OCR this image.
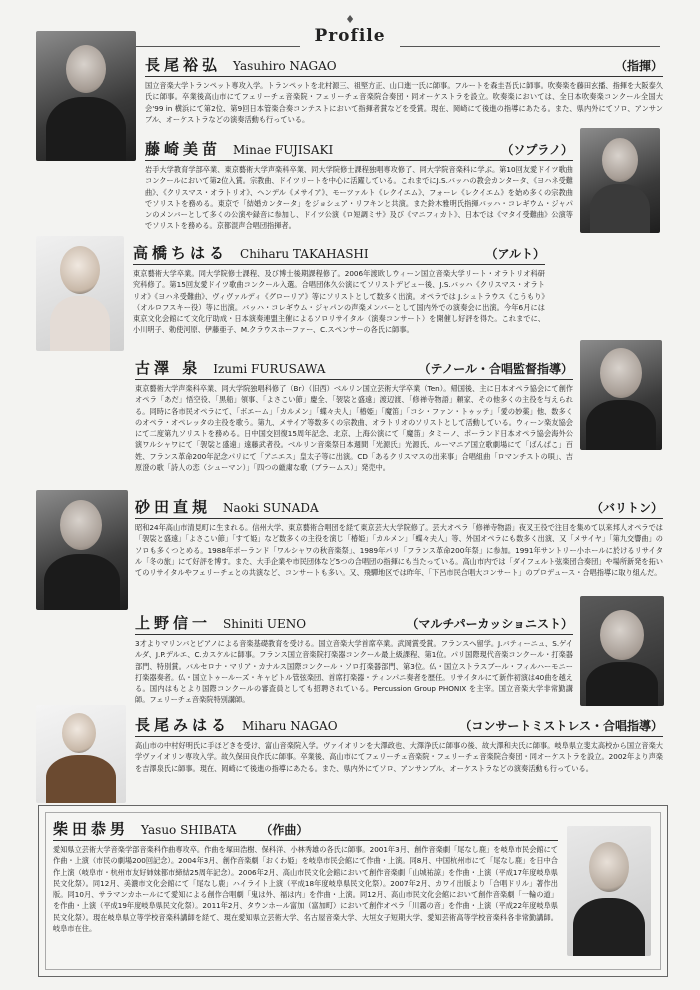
♦
Profile
長尾裕弘 Yasuhiro NAGAO	（指揮）
国立音楽大学トランペット専攻入学。トランペットを北村源三、祖堅方正、山口進一氏に師事。フルートを森圭吾氏に師事。吹奏楽を藤田玄播、指揮を大阪泰久氏に師事。卒業後高山市にてフェリーチェ音楽院・フェリーチェ音楽院合奏団・同オーケストラを設立。吹奏楽においては、全日本吹奏楽コンクール全国大会'99 in 横浜にて第2位、第9回日本管楽合奏コンテストにおいて指揮者賞などを受賞。現在、岡崎にて後進の指導にあたる。また、県内外にてソロ、アンサンブル、オーケストラなどの演奏活動も行っている。
藤崎美苗 Minae FUJISAKI	（ソプラノ）
岩手大学教育学部卒業、東京藝術大学声楽科卒業、同大学院修士課程独唱専攻修了、同大学院音楽科に学ぶ。第10回友愛ドイツ歌曲コンクールにおいて第2位入賞。宗教曲、ドイツリートを中心に活躍している。これまでにJ.S.バッハの教会カンタータ、《ヨハネ受難曲》、《クリスマス・オラトリオ》、ヘンデル《メサイア》、モーツァルト《レクイエム》、フォーレ《レクイエム》を始め多くの宗教曲でソリストを務める。東京で「結婚カンタータ」をジョシュア・リフキンと共演。また鈴木雅明氏指揮バッハ・コレギウム・ジャパンのメンバーとして多くの公演や録音に参加し、ドイツ公演《ロ短調ミサ》及び《マニフィカト》、日本では《マタイ受難曲》公演等でソリストを務める。京都混声合唱団指揮者。
高橋ちはる Chiharu TAKAHASHI	（アルト）
東京藝術大学卒業。同大学院修士課程、及び博士後期課程修了。2006年渡欧しウィーン国立音楽大学リート・オラトリオ科研究科修了。第15回友愛ドイツ歌曲コンクール入選。合唱団体久公演にてソリストデビュー後、J.S.バッハ《クリスマス・オラトリオ》《ヨハネ受難曲》、ヴィヴァルディ《グローリア》等にソリストとして数多く出演。オペラでは J.シュトラウス《こうもり》（オルロフスキー役）等に出演。バッハ・コレギウム・ジャパンの声楽メンバーとして国内外での演奏会に出演。今年6月には東京文化会館にて文化庁助成・日本演奏連盟主催によるソロリサイタル（演奏コンサート）を開催し好評を得た。これまでに、小川明子、勅使河原、伊藤亜子、M.クラウスホーファー、C.スペンサーの各氏に師事。
古澤 泉 Izumi FURUSAWA	（テノール・合唱監督指導）
東京藝術大学声楽科卒業、同大学院独唱科修了（Br）（旧西）ベルリン国立芸術大学卒業（Ten）。帰国後、主に日本オペラ協会にて創作オペラ「あだ」悟空役、「黒船」領事、「よさこい節」慶全、「袈裟と盛遠」渡辺渡、「修禅寺物語」頼家、その他多くの主役を与えられる。同時に各市民オペラにて、「ボエーム」「カルメン」「蝶々夫人」「椿姫」「魔笛」「コシ・ファン・トゥッテ」「愛の妙薬」他、数多くのオペラ・オペレッタの主役を歌う。第九、メサイア等数多くの宗教曲、オラトリオのソリストとして活動している。ウィーン楽友協会にて二度第九ソリストを務める。日中国交回復15周年記念、北京、上海公演にて「魔笛」タミーノ、ポーランド日本オペラ協会海外公演ワルシャワにて「袈裟と盛遠」遠藤武者役。ベルリン音楽祭日本週間「光源氏」光源氏、ルーマニア国立歌劇場にて「ばんぱこ」百姓、フランス革命200年記念パリにて「アニエス」皇太子等に出演。CD「あるクリスマスの出来事」合唱組曲「ロマンチストの唄」、吉原澄の歌「詩人の恋（シューマン）」「四つの厳粛な歌（ブラームス）」発売中。
砂田直規 Naoki SUNADA	（バリトン）
昭和24年高山市清見町に生まれる。信州大学、東京藝術合唱団を経て東京芸大大学院修了。芸大オペラ「修禅寺物語」夜叉王役で注目を集めて以来邦人オペラでは「袈裟と盛遠」「よさこい節」「すて姫」など数多くの主役を演じ「椿姫」「カルメン」「蝶々夫人」等、外国オペラにも数多く出演、又「メサイヤ」「第九交響曲」のソロも多くつとめる。1988年ポーランド「ワルシャワの秋音楽祭」、1989年パリ「フランス革命200年祭」に参加。1991年サントリー小ホールに於けるリサイタル「冬の旅」にて好評を博す。また、大手企業や市民団体など5つの合唱団の指揮にも当たっている。高山市内では「ダイフェルト弦楽団合奏団」や場所新発を拓いてのリサイタルやフェリーチェとの共演など、コンサートも多い。又、飛驒地区では昨年、「下呂市民合唱大コンサート」のプロデュース・合唱指導に取り組んだ。
上野信一 Shiniti UENO	（マルチパーカッショニスト）
3才よりマリンバとピアノによる音楽基礎教育を受ける。国立音楽大学首席卒業。武岡賞受賞。フランスへ留学。J.バティーニュ、S.ゲイルダ、J.P.デルエ、C.カスケルに師事。フランス国立音楽院打楽器コンクール最上級課程、第1位。パリ国際現代音楽コンクール・打楽器部門、特別賞。バルセロナ・マリア・カナルス国際コンクール・ソロ打楽器部門、第3位。仏・国立ストラスブール・フィルハーモニー打楽器奏者。仏・国立トゥールーズ・キャピトル管弦楽団、首席打楽器・ティンパニ奏者を歴任。リサイタルにて新作初演は40曲を越える。国内はもとより国際コンクールの審査員としても招聘されている。Percussion Group PHONIX を主宰。国立音楽大学非常勤講師。フェリーチェ音楽院特別講師。
長尾みはる Miharu NAGAO	（コンサートミストレス・合唱指導）
高山市の中村好明氏に手ほどきを受け、富山音楽院入学。ヴァイオリンを大澤政也、大澤浄氏に師事の後、故大澤和夫氏に師事。岐阜県立斐太高校から国立音楽大学ヴァイオリン専攻入学。故久保田良作氏に師事。卒業後、高山市にてフェリーチェ音楽院・フェリーチェ音楽院合奏団・同オーケストラを設立。2002年より声楽を吉澤泉氏に師事。現在、岡崎にて後進の指導にあたる。また、県内外にてソロ、アンサンブル、オーケストラなどの演奏活動も行っている。
柴田恭男 Yasuo SHIBATA （作曲）
愛知県立芸術大学音楽学部音楽科作曲専攻卒。作曲を塚田浩樹、保科洋、小林秀雄の各氏に師事。2001年3月、創作音楽劇「尾なし鹿」を岐阜市民会館にて作曲・上演（市民の劇場200回記念）。2004年3月、創作音楽劇「おくわ姫」を岐阜市民会館にて作曲・上演。同8月、中国杭州市にて「尾なし鹿」を日中合作上演（岐阜市・杭州市友好姉妹都市締結25周年記念）。2006年2月、高山市民文化会館において創作音楽劇「山城祐諒」を作曲・上演（平成17年度岐阜県民文化祭）。同12月、美濃市文化会館にて「尾なし鹿」ハイライト上演（平成18年度岐阜県民文化祭）。2007年2月、カワイ出版より「合唱ドリル」著作出版。同10月、サラマンカホールにて愛知による創作合唱劇「鬼は外、福は内」を作曲・上演。同12月、高山市民文化会館において創作音楽劇「一輪の道」を作曲・上演（平成19年度岐阜県民文化祭）。2011年2月、タウンホール富加（富加町）において創作オペラ「川霧の音」を作曲・上演（平成22年度岐阜県民文化祭）。現在岐阜県立等学校音楽科講師を経て、現在愛知県立芸術大学、名古屋音楽大学、大垣女子短期大学、愛知芸術高等学校音楽科各非常勤講師。岐阜市在住。
